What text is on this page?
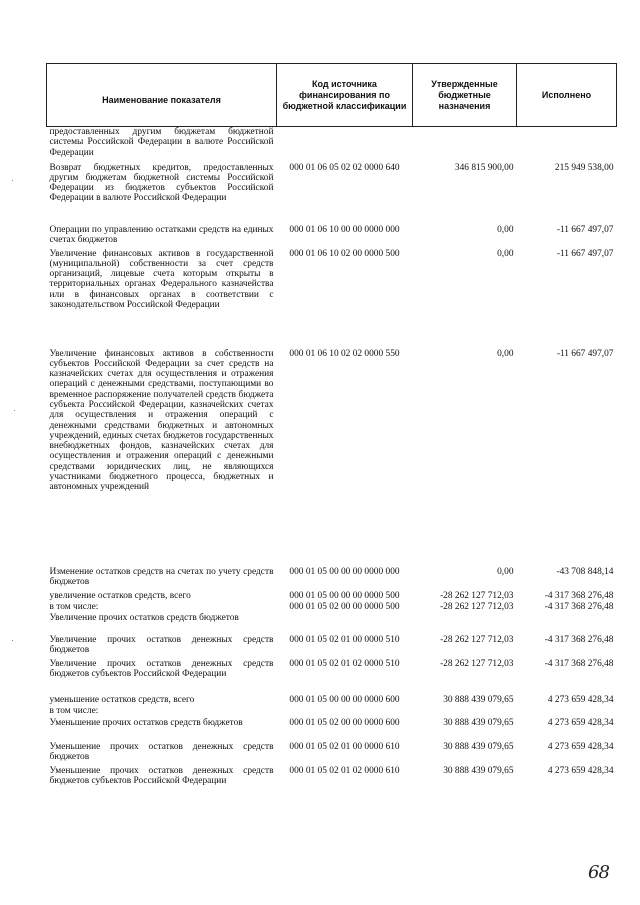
Наименование показателя	Код источника финансирования по бюджетной классификации	Утвержденные бюджетные назначения	Исполнено
предоставленных другим бюджетам бюджетной системы Российской Федерации в валюте Российской Федерации			
Возврат бюджетных кредитов, предоставленных другим бюджетам бюджетной системы Российской Федерации из бюджетов субъектов Российской Федерации в валюте Российской Федерации	000 01 06 05 02 02 0000 640	346 815 900,00	215 949 538,00
Операции по управлению остатками средств на единых счетах бюджетов	000 01 06 10 00 00 0000 000	0,00	-11 667 497,07
Увеличение финансовых активов в государственной (муниципальной) собственности за счет средств организаций, лицевые счета которым открыты в территориальных органах Федерального казначейства или в финансовых органах в соответствии с законодательством Российской Федерации	000 01 06 10 02 00 0000 500	0,00	-11 667 497,07
Увеличение финансовых активов в собственности субъектов Российской Федерации за счет средств на казначейских счетах для осуществления и отражения операций с денежными средствами, поступающими во временное распоряжение получателей средств бюджета субъекта Российской Федерации, казначейских счетах для осуществления и отражения операций с денежными средствами бюджетных и автономных учреждений, единых счетах бюджетов государственных внебюджетных фондов, казначейских счетах для осуществления и отражения операций с денежными средствами юридических лиц, не являющихся участниками бюджетного процесса, бюджетных и автономных учреждений	000 01 06 10 02 02 0000 550	0,00	-11 667 497,07
Изменение остатков средств на счетах по учету средств бюджетов	000 01 05 00 00 00 0000 000	0,00	-43 708 848,14
увеличение остатков средств, всего	000 01 05 00 00 00 0000 500	-28 262 127 712,03	-4 317 368 276,48
в том числе:	000 01 05 02 00 00 0000 500	-28 262 127 712,03	-4 317 368 276,48
Увеличение прочих остатков средств бюджетов			
Увеличение прочих остатков денежных средств бюджетов	000 01 05 02 01 00 0000 510	-28 262 127 712,03	-4 317 368 276,48
Увеличение прочих остатков денежных средств бюджетов субъектов Российской Федерации	000 01 05 02 01 02 0000 510	-28 262 127 712,03	-4 317 368 276,48
уменьшение остатков средств, всего	000 01 05 00 00 00 0000 600	30 888 439 079,65	4 273 659 428,34
в том числе:			
Уменьшение прочих остатков средств бюджетов	000 01 05 02 00 00 0000 600	30 888 439 079,65	4 273 659 428,34
Уменьшение прочих остатков денежных средств бюджетов	000 01 05 02 01 00 0000 610	30 888 439 079,65	4 273 659 428,34
Уменьшение прочих остатков денежных средств бюджетов субъектов Российской Федерации	000 01 05 02 01 02 0000 610	30 888 439 079,65	4 273 659 428,34
68
